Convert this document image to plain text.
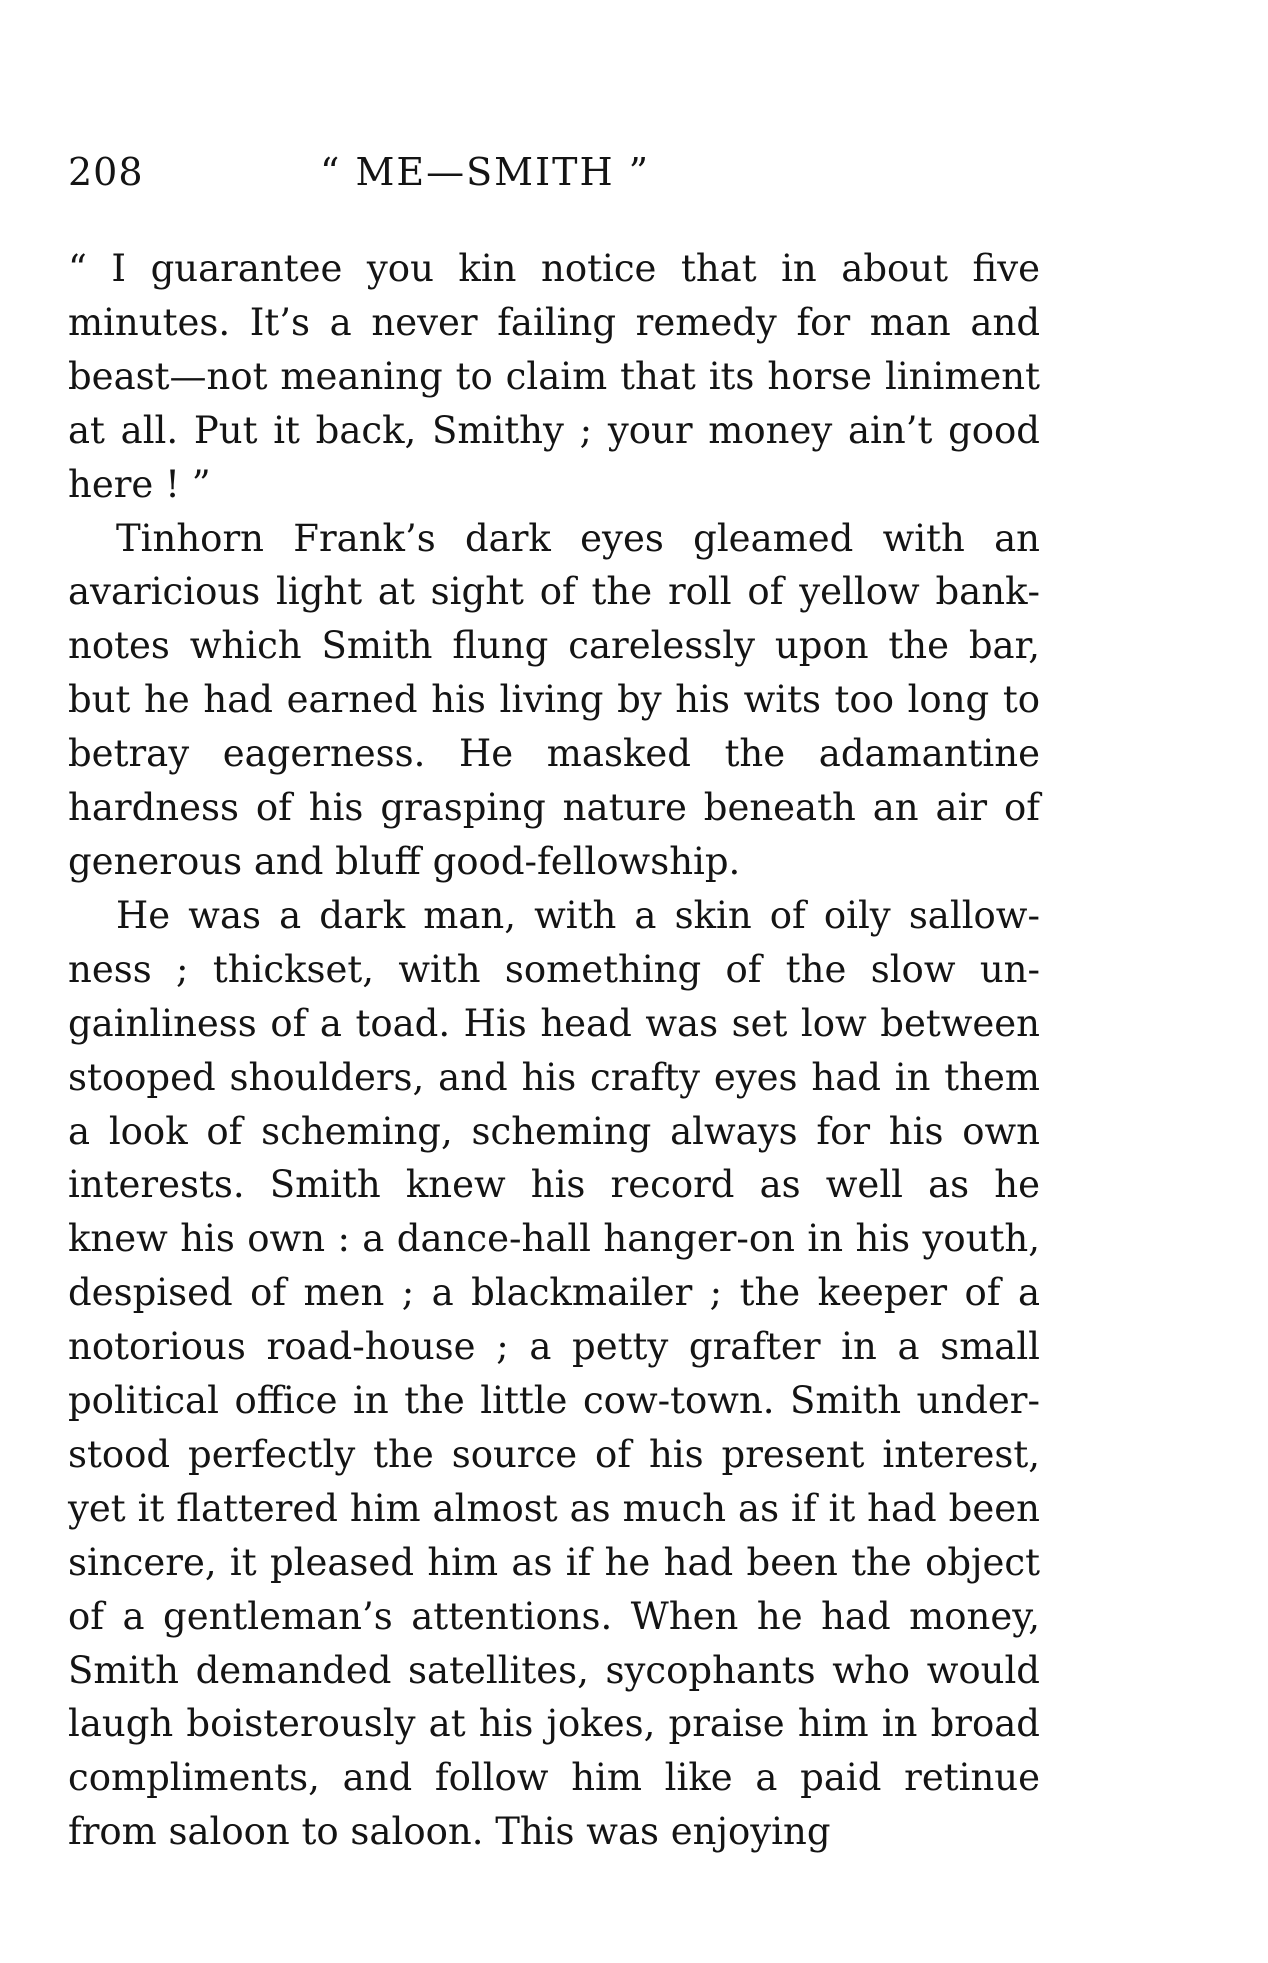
208	“ ME—SMITH ”

“ I guarantee you kin notice that in about five minutes. It’s a never failing remedy for man and beast—not meaning to claim that its horse liniment at all. Put it back, Smithy ; your money ain’t good here ! ”

Tinhorn Frank’s dark eyes gleamed with an avaricious light at sight of the roll of yellow banknotes which Smith flung carelessly upon the bar, but he had earned his living by his wits too long to betray eagerness. He masked the adamantine hardness of his grasping nature beneath an air of generous and bluff good-fellowship.

He was a dark man, with a skin of oily sallowness ; thickset, with something of the slow ungainliness of a toad. His head was set low between stooped shoulders, and his crafty eyes had in them a look of scheming, scheming always for his own interests. Smith knew his record as well as he knew his own : a dance-hall hanger-on in his youth, despised of men ; a blackmailer ; the keeper of a notorious road-house ; a petty grafter in a small political office in the little cow-town. Smith understood perfectly the source of his present interest, yet it flattered him almost as much as if it had been sincere, it pleased him as if he had been the object of a gentleman’s attentions. When he had money, Smith demanded satellites, sycophants who would laugh boisterously at his jokes, praise him in broad compliments, and follow him like a paid retinue from saloon to saloon. This was enjoying
